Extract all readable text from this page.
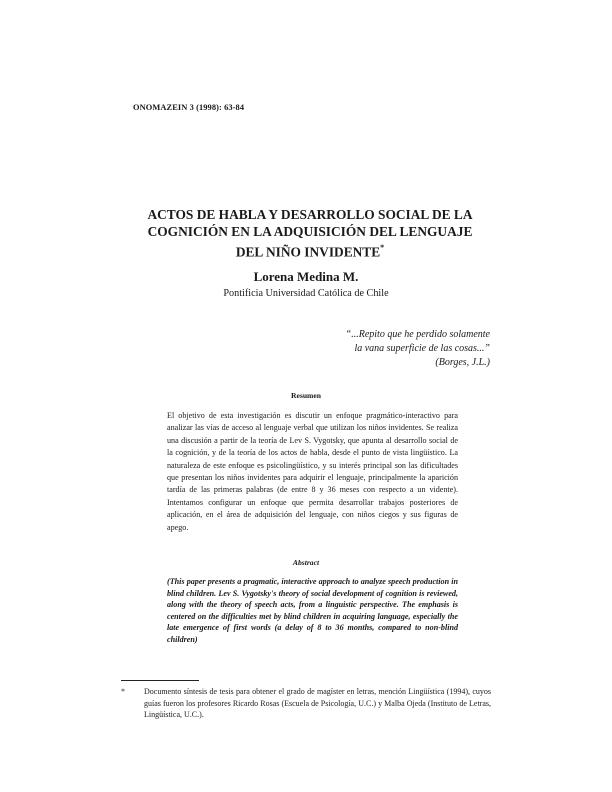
ONOMAZEIN 3 (1998): 63-84
ACTOS DE HABLA Y DESARROLLO SOCIAL DE LA
COGNICIÓN EN LA ADQUISICIÓN DEL LENGUAJE
DEL NIÑO INVIDENTE*
Lorena Medina M.
Pontificia Universidad Católica de Chile
“...Repito que he perdido solamente
la vana superficie de las cosas...”
(Borges, J.L.)
Resumen
El objetivo de esta investigación es discutir un enfoque pragmático-interactivo para analizar las vías de acceso al lenguaje verbal que utilizan los niños invidentes. Se realiza una discusión a partir de la teoría de Lev S. Vygotsky, que apunta al desarrollo social de la cognición, y de la teoría de los actos de habla, desde el punto de vista lingüístico. La naturaleza de este enfoque es psicolingüístico, y su interés principal son las dificultades que presentan los niños invidentes para adquirir el lenguaje, principalmente la aparición tardía de las primeras palabras (de entre 8 y 36 meses con respecto a un vidente). Intentamos configurar un enfoque que permita desarrollar trabajos posteriores de aplicación, en el área de adquisición del lenguaje, con niños ciegos y sus figuras de apego.
Abstract
(This paper presents a pragmatic, interactive approach to analyze speech production in blind children. Lev S. Vygotsky's theory of social development of cognition is reviewed, along with the theory of speech acts, from a linguistic perspective. The emphasis is centered on the difficulties met by blind children in acquiring language, especially the late emergence of first words (a delay of 8 to 36 months, compared to non-blind children)
*	Documento síntesis de tesis para obtener el grado de magíster en letras, mención Lingüística (1994), cuyos guías fueron los profesores Ricardo Rosas (Escuela de Psicología, U.C.) y Malba Ojeda (Instituto de Letras, Lingüística, U.C.).
